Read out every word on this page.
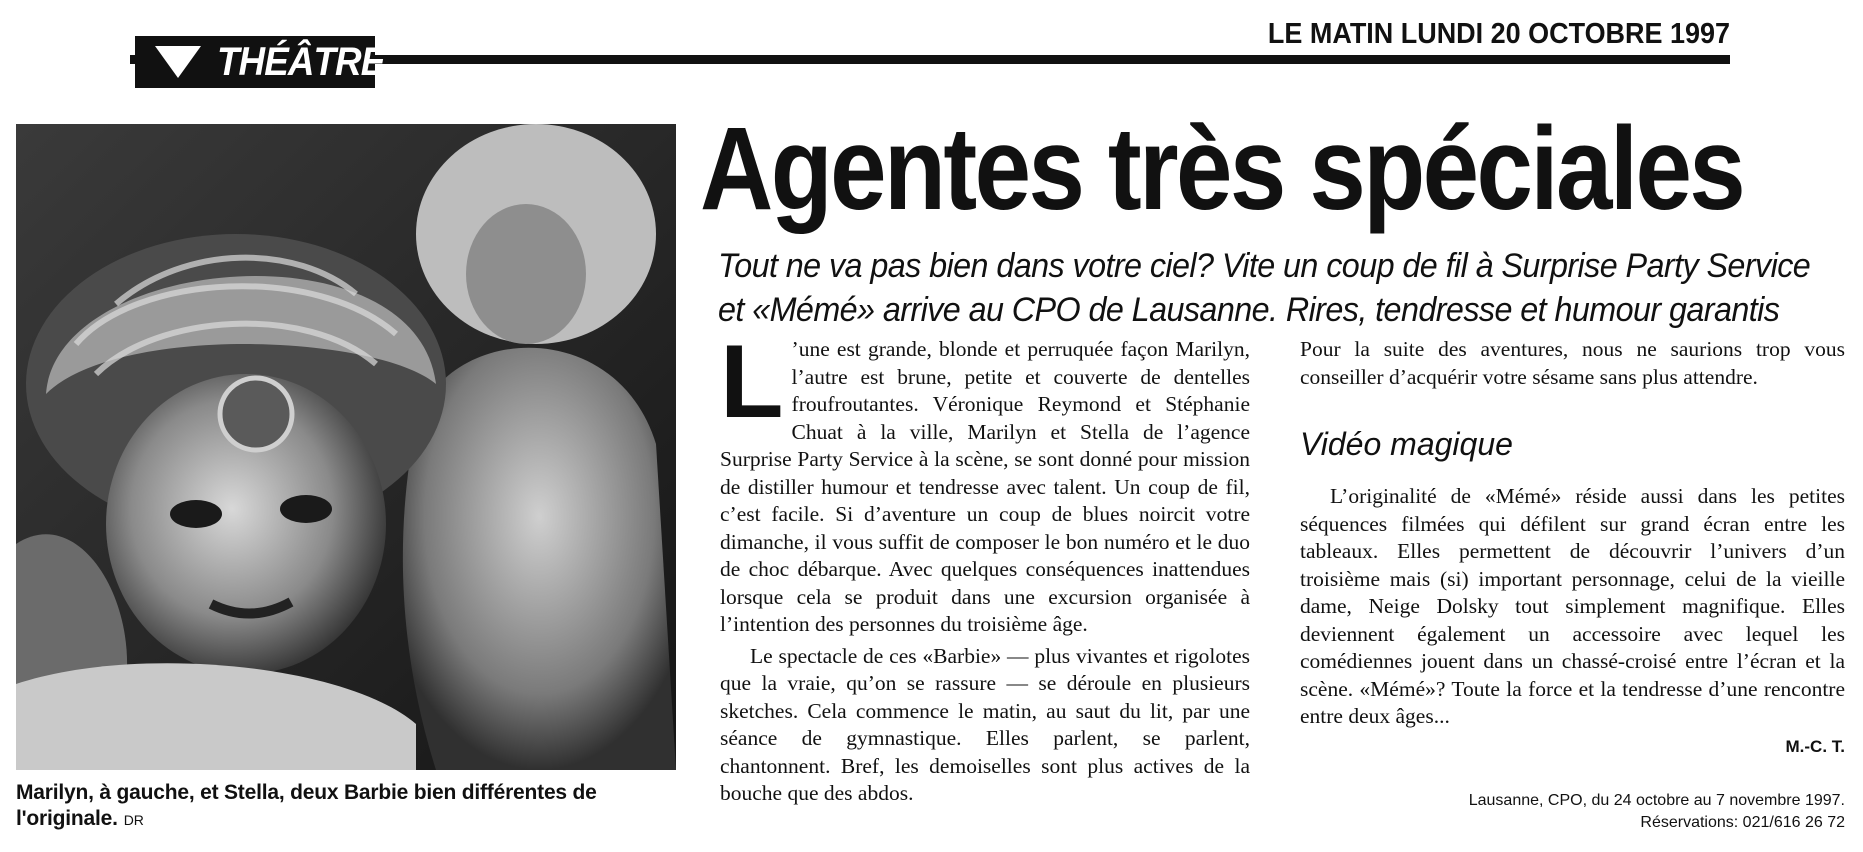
THÉÂTRE
LE MATIN LUNDI 20 OCTOBRE 1997
Marilyn, à gauche, et Stella, deux Barbie bien différentes de l'originale. DR
Agentes très spéciales
Tout ne va pas bien dans votre ciel? Vite un coup de fil à Surprise Party Service
et «Mémé» arrive au CPO de Lausanne. Rires, tendresse et humour garantis

L ’une est grande, blonde et perruquée façon Marilyn, l’autre est brune, petite et couverte de dentelles froufroutantes. Véronique Reymond et Stéphanie Chuat à la ville, Marilyn et Stella de l’agence Surprise Party Service à la scène, se sont donné pour mission de distiller humour et tendresse avec talent. Un coup de fil, c’est facile. Si d’aventure un coup de blues noircit votre dimanche, il vous suffit de composer le bon numéro et le duo de choc débarque. Avec quelques conséquences inattendues lorsque cela se produit dans une excursion organisée à l’intention des personnes du troisième âge.

Le spectacle de ces «Barbie» — plus vivantes et rigolotes que la vraie, qu’on se rassure — se déroule en plusieurs sketches. Cela commence le matin, au saut du lit, par une séance de gymnastique. Elles parlent, se parlent, chantonnent. Bref, les demoiselles sont plus actives de la bouche que des abdos.

Pour la suite des aventures, nous ne saurions trop vous conseiller d’acquérir votre sésame sans plus attendre.

Vidéo magique

L’originalité de «Mémé» réside aussi dans les petites séquences filmées qui défilent sur grand écran entre les tableaux. Elles permettent de découvrir l’univers d’un troisième mais (si) important personnage, celui de la vieille dame, Neige Dolsky tout simplement magnifique. Elles deviennent également un accessoire avec lequel les comédiennes jouent dans un chassé-croisé entre l’écran et la scène. «Mémé»? Toute la force et la tendresse d’une rencontre entre deux âges...

M.-C. T.
Lausanne, CPO, du 24 octobre au 7 novembre 1997.
Réservations: 021/616 26 72
